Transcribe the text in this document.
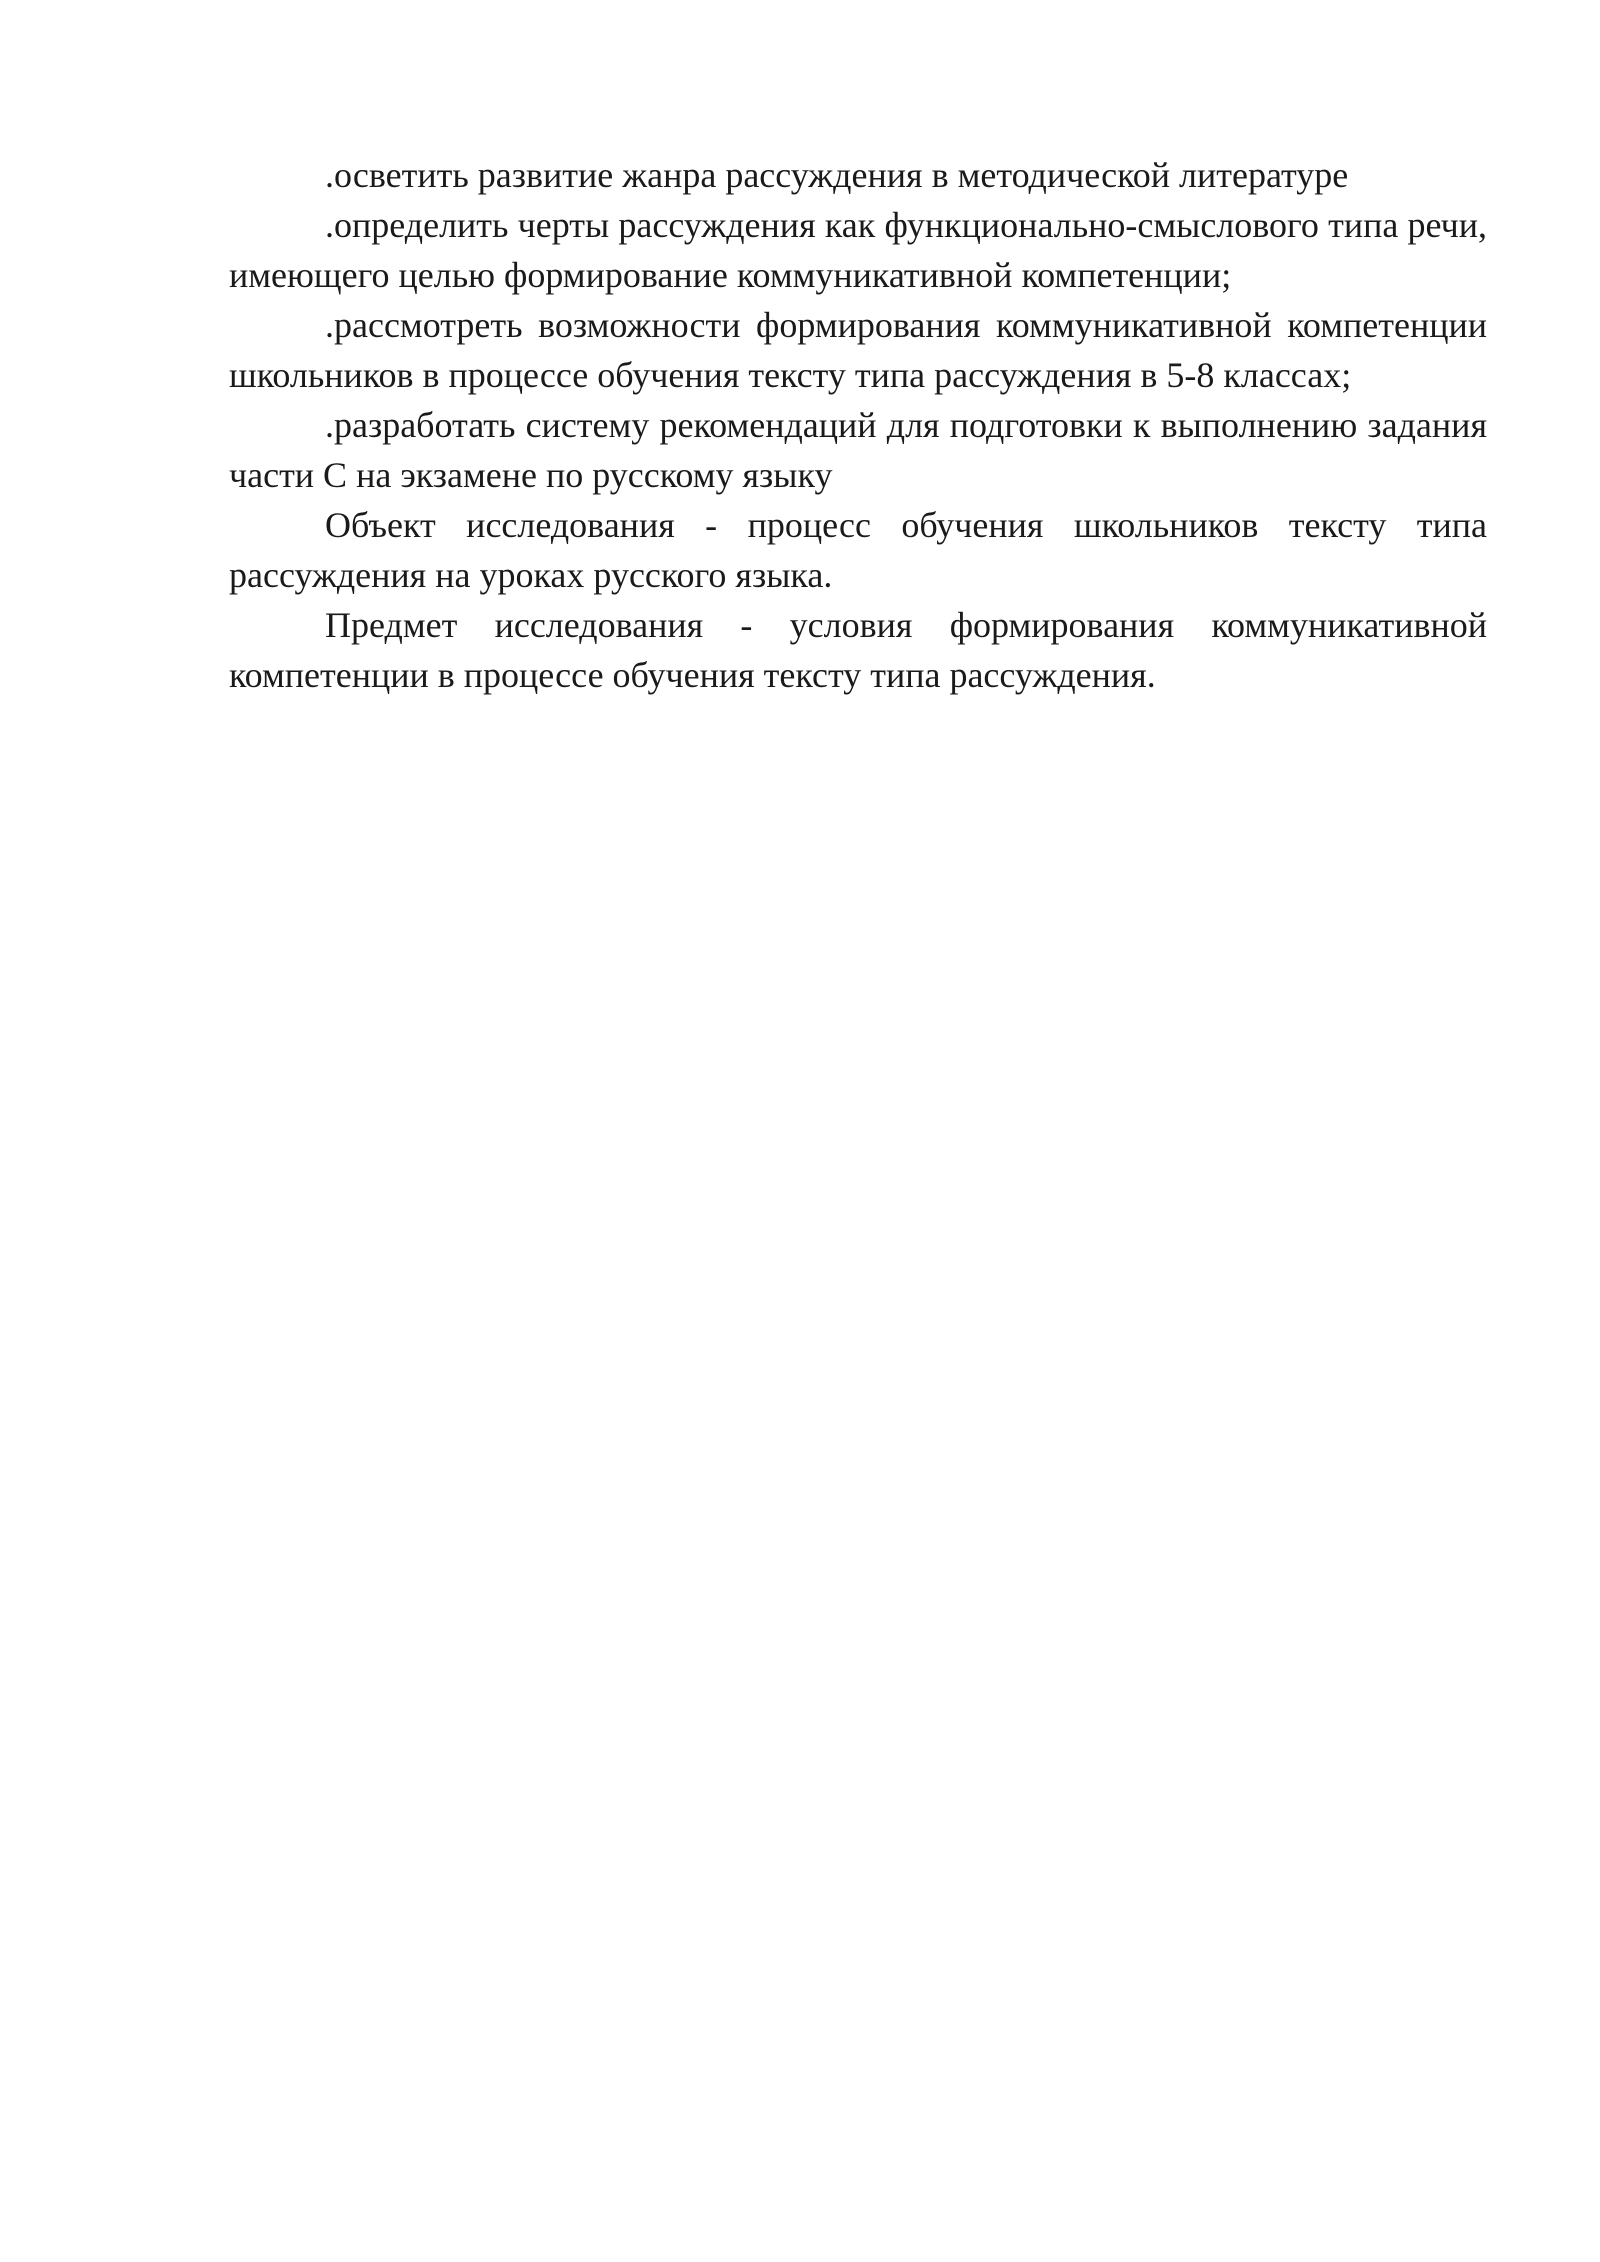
.осветить развитие жанра рассуждения в методической литературе

.определить черты рассуждения как функционально-смыслового типа речи, имеющего целью формирование коммуникативной компетенции;

.рассмотреть возможности формирования коммуникативной компетенции школьников в процессе обучения тексту типа рассуждения в 5-8 классах;

.разработать систему рекомендаций для подготовки к выполнению задания части С на экзамене по русскому языку

Объект исследования - процесс обучения школьников тексту типа рассуждения на уроках русского языка.

Предмет исследования - условия формирования коммуникативной компетенции в процессе обучения тексту типа рассуждения.
